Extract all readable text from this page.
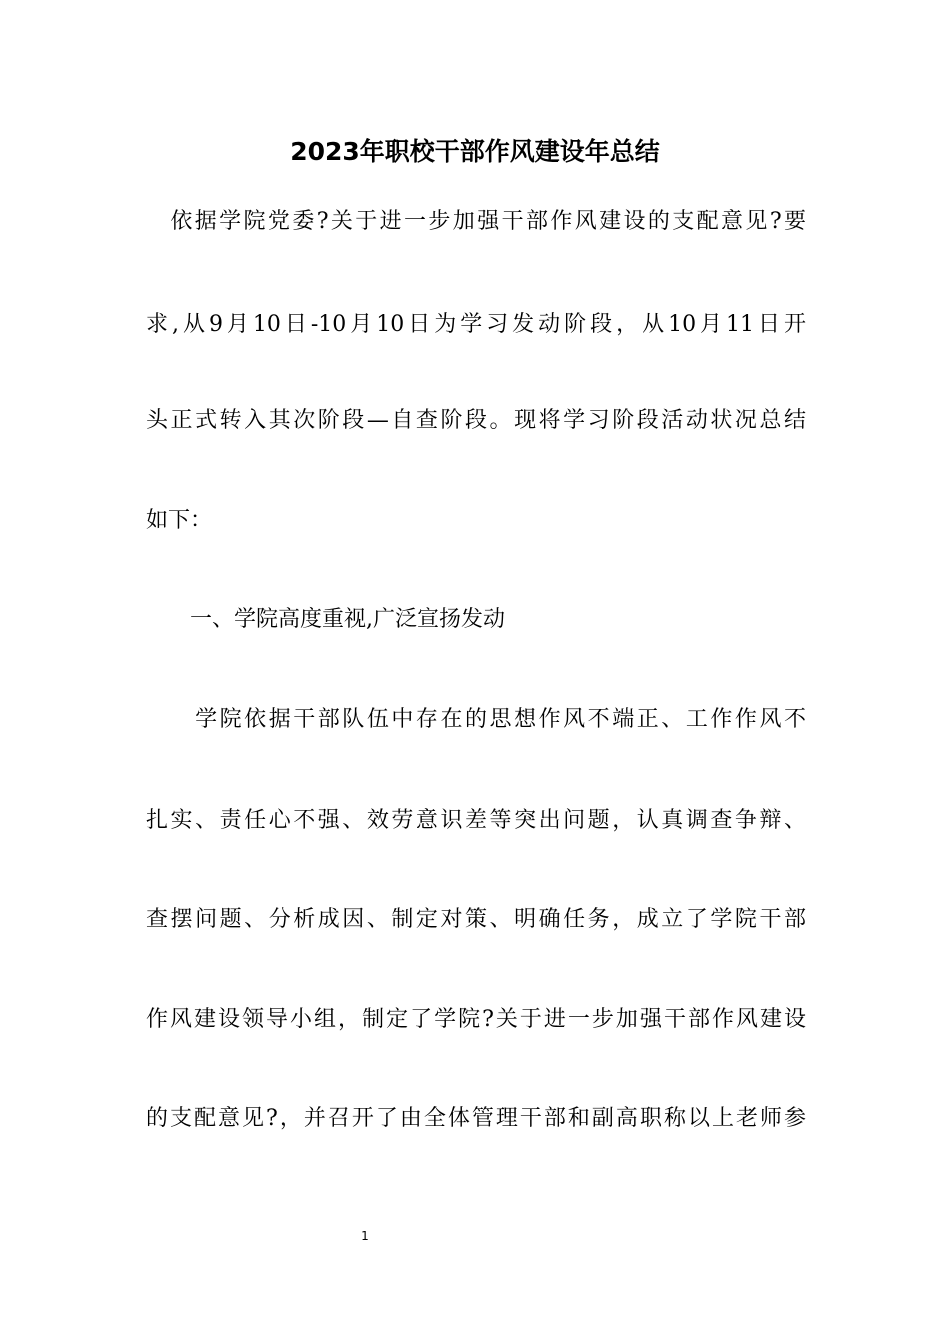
2023年职校干部作风建设年总结
　依据学院党委?关于进一步加强干部作风建设的支配意见?要
求,从9月10日-10月10日为学习发动阶段，从10月11日开
头正式转入其次阶段—自查阶段。现将学习阶段活动状况总结
如下：
　　一、学院高度重视,广泛宣扬发动
　　学院依据干部队伍中存在的思想作风不端正、工作作风不
扎实、责任心不强、效劳意识差等突出问题，认真调查争辩、
查摆问题、分析成因、制定对策、明确任务，成立了学院干部
作风建设领导小组，制定了学院?关于进一步加强干部作风建设
的支配意见?，并召开了由全体管理干部和副高职称以上老师参
1
